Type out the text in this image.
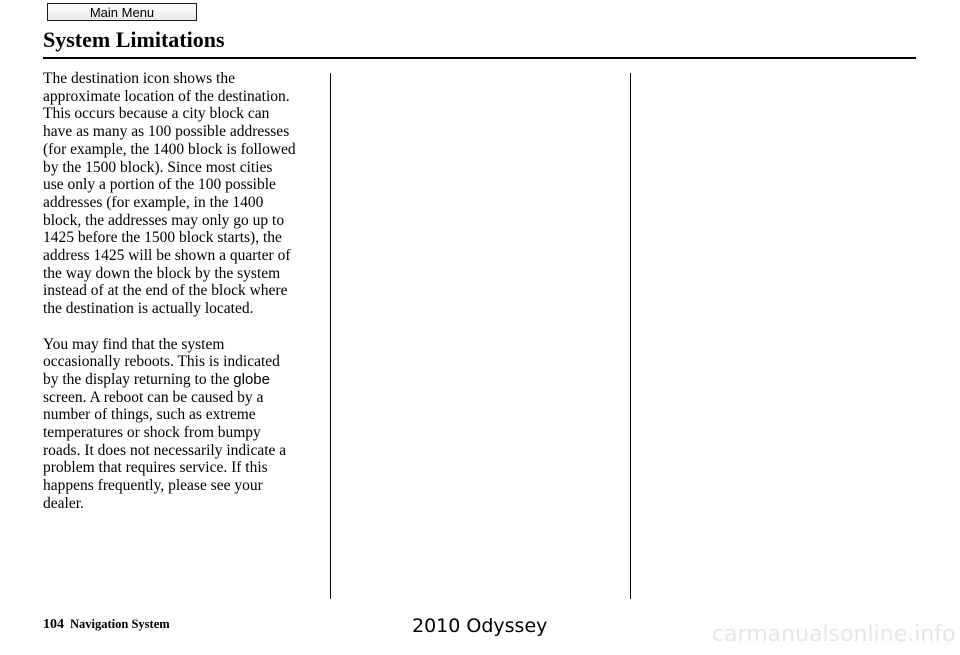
Main Menu
System Limitations

The destination icon shows the
approximate location of the destination.
This occurs because a city block can
have as many as 100 possible addresses
(for example, the 1400 block is followed
by the 1500 block). Since most cities
use only a portion of the 100 possible
addresses (for example, in the 1400
block, the addresses may only go up to
1425 before the 1500 block starts), the
address 1425 will be shown a quarter of
the way down the block by the system
instead of at the end of the block where
the destination is actually located.

You may find that the system
occasionally reboots. This is indicated
by the display returning to the globe
screen. A reboot can be caused by a
number of things, such as extreme
temperatures or shock from bumpy
roads. It does not necessarily indicate a
problem that requires service. If this
happens frequently, please see your
dealer.

104 Navigation System	2010 Odyssey	carmanualsonline.info
